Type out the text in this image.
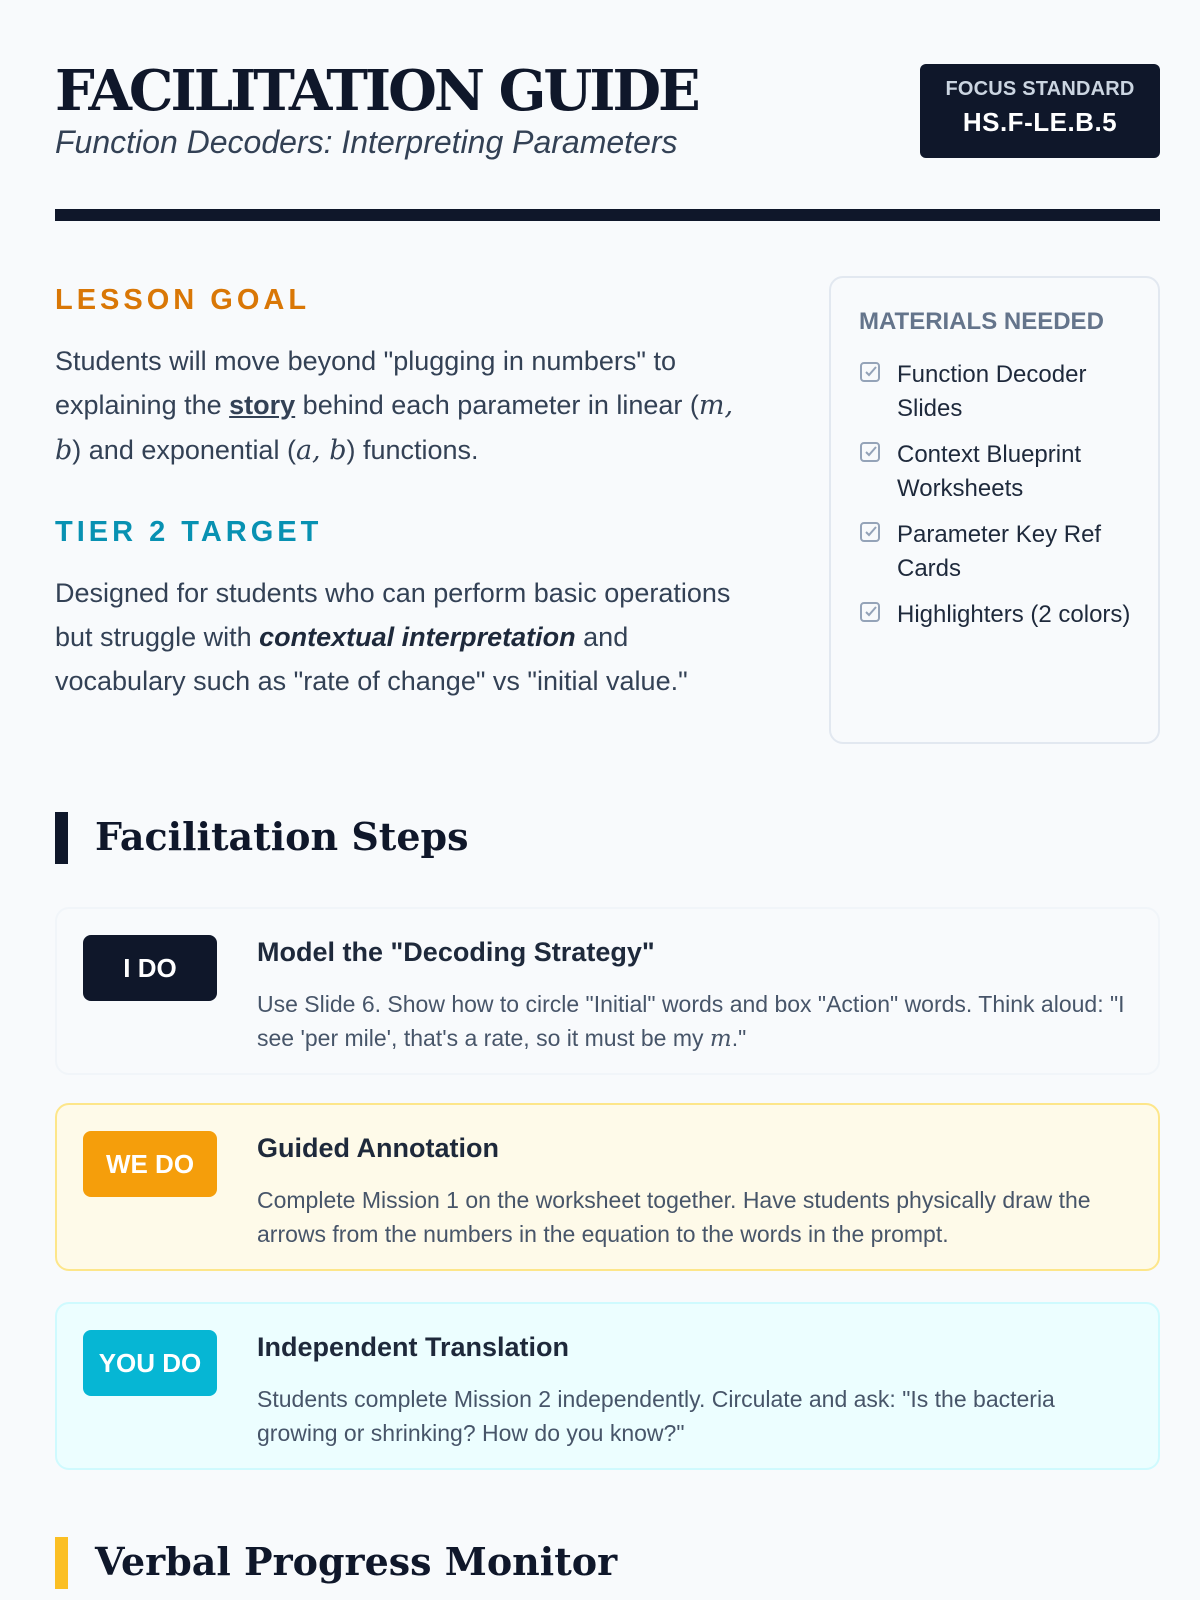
FACILITATION GUIDE
Function Decoders: Interpreting Parameters
FOCUS STANDARD
HS.F-LE.B.5
LESSON GOAL

Students will move beyond "plugging in numbers" to explaining the story behind each parameter in linear (m, b) and exponential (a, b) functions.

TIER 2 TARGET

Designed for students who can perform basic operations but struggle with contextual interpretation and vocabulary such as "rate of change" vs "initial value."

MATERIALS NEEDED
Function Decoder Slides
Context Blueprint Worksheets
Parameter Key Ref Cards
Highlighters (2 colors)
Facilitation Steps
I DO
Model the "Decoding Strategy"

Use Slide 6. Show how to circle "Initial" words and box "Action" words. Think aloud: "I see 'per mile', that's a rate, so it must be my m."

WE DO
Guided Annotation

Complete Mission 1 on the worksheet together. Have students physically draw the arrows from the numbers in the equation to the words in the prompt.

YOU DO
Independent Translation

Students complete Mission 2 independently. Circulate and ask: "Is the bacteria growing or shrinking? How do you know?"

Verbal Progress Monitor
